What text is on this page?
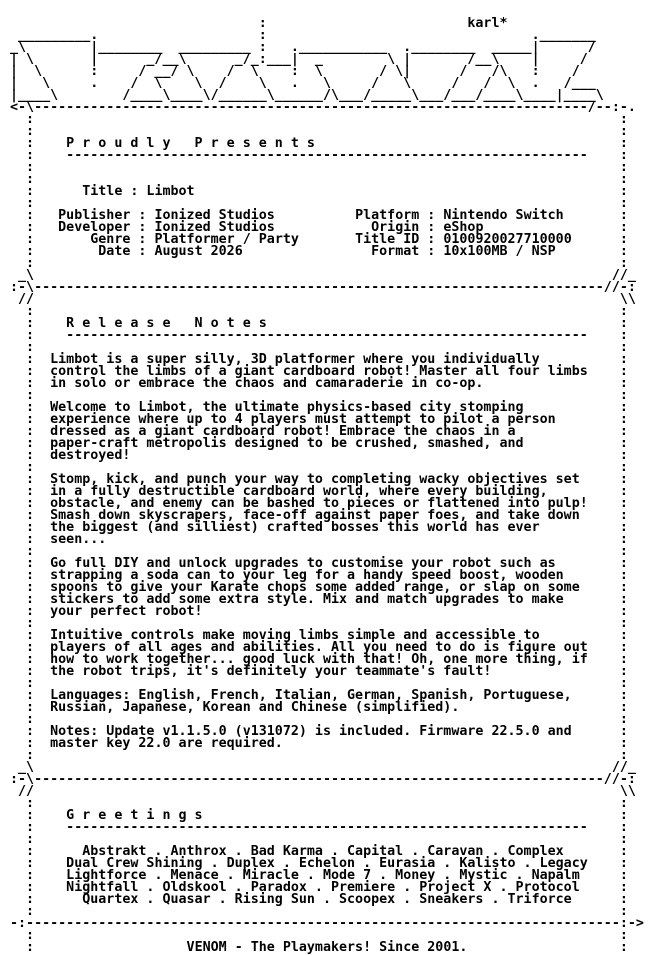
:                         karl*
_________.                    :                                 ._______
_\        |________  _________ :   .___________  .________  _____|      /
| \       |      _/__\      _/_:___|  _        \ |       /__\    |     /
|  \      :     / __/ \    /  \    :  \       / \|      /   /\   :    /
|   \     .    /  \    \  /    \   .   \     /   \     /   /  \  .   /___
|____\        /____\____\/______\______/\___/_____\___/___/____\____|____\
<-\---------------------------------------------------------------------/--:-.
:                                                                         :
:                                                                         :
:    P r o u d l y   P r e s e n t s                                      :
:    -----------------------------------------------------------------    :
:                                                                         :
:                                                                         :
:      Title : Limbot                                                     :
:                                                                         :
:   Publisher : Ionized Studios          Platform : Nintendo Switch       :
:   Developer : Ionized Studios            Origin : eShop                 :
:       Genre : Platformer / Party       Title ID : 0100920027710000      :
:        Date : August 2026                Format : 10x100MB / NSP        :
:                                                                         :
_\                                                                        //_
:-\-----------------------------------------------------------------------//-:
//                                                                         \\
:                                                                         :
:    R e l e a s e   N o t e s                                            :
:    -----------------------------------------------------------------    :
:                                                                         :
:  Limbot is a super silly, 3D platformer where you individually          :
:  control the limbs of a giant cardboard robot! Master all four limbs    :
:  in solo or embrace the chaos and camaraderie in co-op.                 :
:                                                                         :
:  Welcome to Limbot, the ultimate physics-based city stomping            :
:  experience where up to 4 players must attempt to pilot a person        :
:  dressed as a giant cardboard robot! Embrace the chaos in a             :
:  paper-craft metropolis designed to be crushed, smashed, and            :
:  destroyed!                                                             :
:                                                                         :
:  Stomp, kick, and punch your way to completing wacky objectives set     :
:  in a fully destructible cardboard world, where every building,         :
:  obstacle, and enemy can be bashed to pieces or flattened into pulp!    :
:  Smash down skyscrapers, face-off against paper foes, and take down     :
:  the biggest (and silliest) crafted bosses this world has ever          :
:  seen...                                                                :
:                                                                         :
:  Go full DIY and unlock upgrades to customise your robot such as        :
:  strapping a soda can to your leg for a handy speed boost, wooden       :
:  spoons to give your Karate chops some added range, or slap on some     :
:  stickers to add some extra style. Mix and match upgrades to make       :
:  your perfect robot!                                                    :
:                                                                         :
:  Intuitive controls make moving limbs simple and accessible to          :
:  players of all ages and abilities. All you need to do is figure out    :
:  how to work together... good luck with that! Oh, one more thing, if    :
:  the robot trips, it's definitely your teammate's fault!                :
:                                                                         :
:  Languages: English, French, Italian, German, Spanish, Portuguese,      :
:  Russian, Japanese, Korean and Chinese (simplified).                    :
:                                                                         :
:  Notes: Update v1.1.5.0 (v131072) is included. Firmware 22.5.0 and      :
:  master key 22.0 are required.                                          :
:                                                                         :
_\                                                                        //_
:-\-----------------------------------------------------------------------//-:
//                                                                         \\
:                                                                         :
:    G r e e t i n g s                                                    :
:    -----------------------------------------------------------------    :
:                                                                         :
:      Abstrakt . Anthrox . Bad Karma . Capital . Caravan . Complex       :
:    Dual Crew Shining . Duplex . Echelon . Eurasia . Kalisto . Legacy    :
:    Lightforce . Menace . Miracle . Mode 7 . Money . Mystic . Napalm     :
:    Nightfall . Oldskool . Paradox . Premiere . Project X . Protocol     :
:      Quartex . Quasar . Rising Sun . Scoopex . Sneakers . Triforce      :
:                                                                         :
-:--------------------------------------------------------------------------:->
:                                                                         :
:                   VENOM - The Playmakers! Since 2001.                   :
